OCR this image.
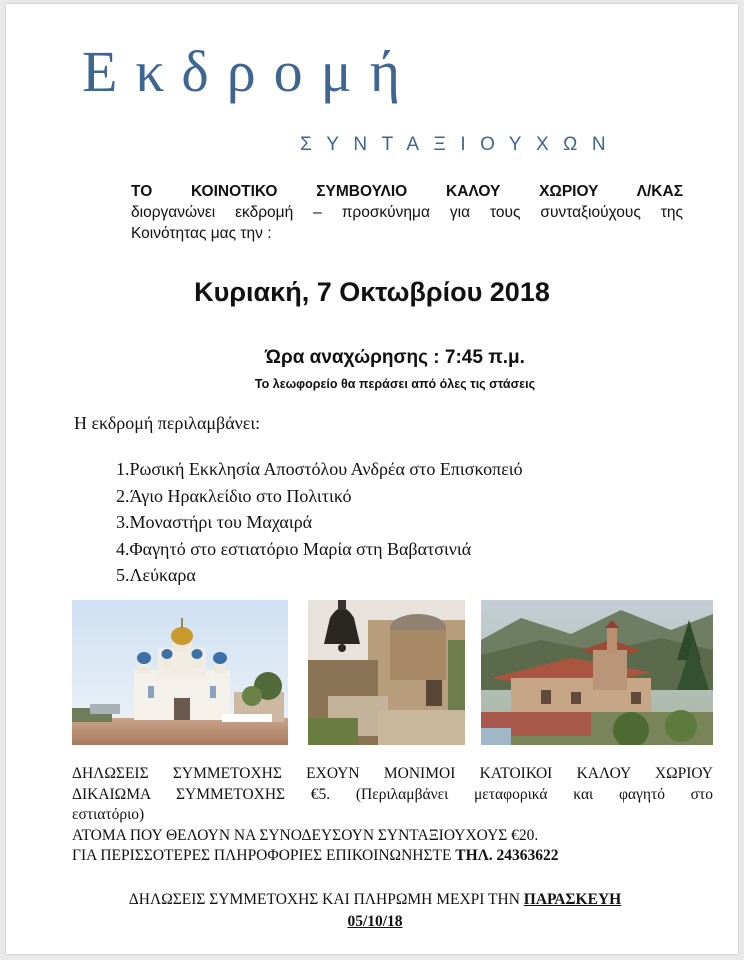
Εκδρομή
ΣΥΝΤΑΞΙΟΥΧΩΝ
ΤΟ ΚΟΙΝΟΤΙΚΟ ΣΥΜΒΟΥΛΙΟ ΚΑΛΟΥ ΧΩΡΙΟΥ Λ/ΚΑΣ
διοργανώνει εκδρομή – προσκύνημα για τους συνταξιούχους της
Κοινότητας μας την :
Κυριακή, 7 Οκτωβρίου 2018
Ώρα αναχώρησης : 7:45 π.μ.
Το λεωφορείο θα περάσει από όλες τις στάσεις
Η εκδρομή περιλαμβάνει:
1.Ρωσική Εκκλησία Αποστόλου Ανδρέα στο Επισκοπειό
2.Άγιο Ηρακλείδιο στο Πολιτικό
3.Μοναστήρι του Μαχαιρά
4.Φαγητό στο εστιατόριο Μαρία στη Βαβατσινιά
5.Λεύκαρα
ΔΗΛΩΣΕΙΣ ΣΥΜΜΕΤΟΧΗΣ ΕΧΟΥΝ ΜΟΝΙΜΟΙ ΚΑΤΟΙΚΟΙ ΚΑΛΟΥ ΧΩΡΙΟΥ
ΔΙΚΑΙΩΜΑ ΣΥΜΜΕΤΟΧΗΣ €5. (Περιλαμβάνει μεταφορικά και φαγητό στο
εστιατόριο)
ΑΤΟΜΑ ΠΟΥ ΘΕΛΟΥΝ ΝΑ ΣΥΝΟΔΕΥΣΟΥΝ ΣΥΝΤΑΞΙΟΥΧΟΥΣ €20.
ΓΙΑ ΠΕΡΙΣΣΟΤΕΡΕΣ ΠΛΗΡΟΦΟΡΙΕΣ ΕΠΙΚΟΙΝΩΝΗΣΤΕ ΤΗΛ. 24363622
ΔΗΛΩΣΕΙΣ ΣΥΜΜΕΤΟΧΗΣ ΚΑΙ ΠΛΗΡΩΜΗ ΜΕΧΡΙ ΤΗΝ ΠΑΡΑΣΚΕΥΗ
05/10/18
